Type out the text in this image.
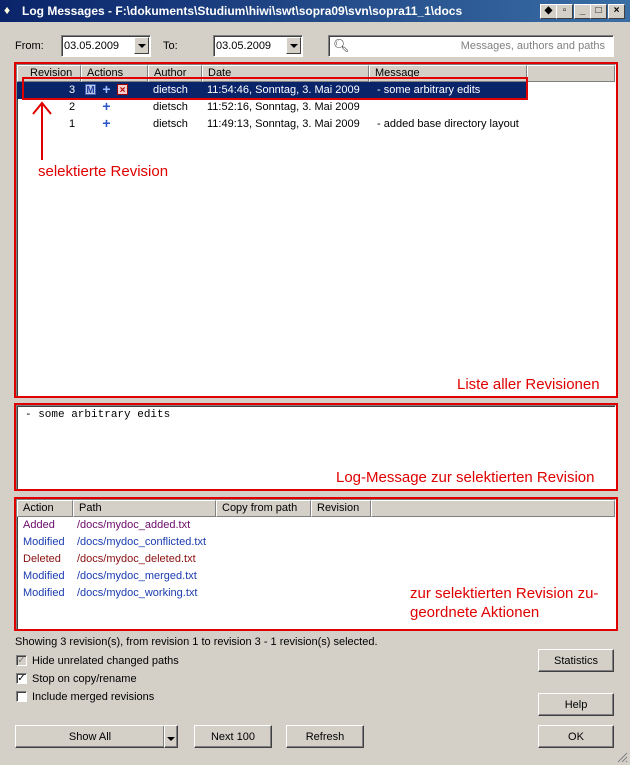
♦ Log Messages - F:\dokuments\Studium\hiwi\swt\sopra09\svn\sopra11_1\docs	◆	▫	_	□	×
From: 03.05.2009	To:	03.05.2009	🔍︎	Messages, authors and paths
Revision	Actions	Author	Date	Message
3 M + ×	dietsch 11:54:46, Sonntag, 3. Mai 2009 - some arbitrary edits
2 +	dietsch 11:52:16, Sonntag, 3. Mai 2009
1 +	dietsch 11:49:13, Sonntag, 3. Mai 2009 - added base directory layout
selektierte Revision
Liste aller Revisionen
- some arbitrary edits
Log-Message zur selektierten Revision
Action	Path	Copy from path	Revision
Added /docs/mydoc_added.txt
Modified /docs/mydoc_conflicted.txt
Deleted /docs/mydoc_deleted.txt
Modified /docs/mydoc_merged.txt
Modified /docs/mydoc_working.txt	zur selektierten Revision zu-
geordnete Aktionen
Showing 3 revision(s), from revision 1 to revision 3 - 1 revision(s) selected.
✓ Hide unrelated changed paths
✓ Stop on copy/rename
Include merged revisions
Statistics
Help
Show All	Next 100	Refresh	OK
